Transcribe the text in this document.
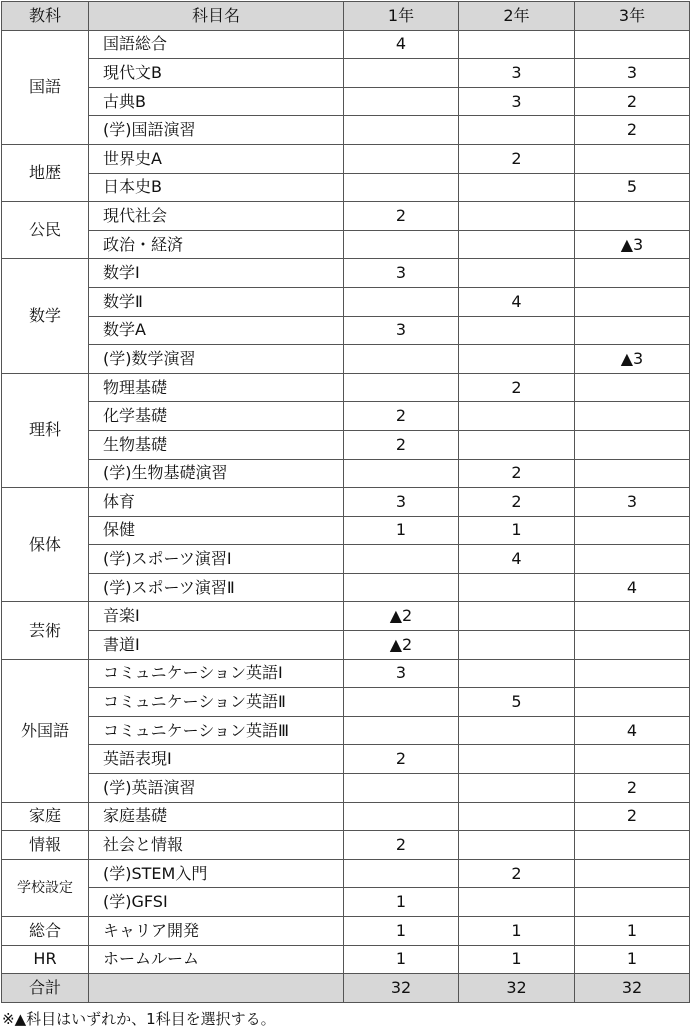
教科	科目名	1年	2年	3年
国語	国語総合	4		
	現代文B		3	3
	古典B		3	2
	(学)国語演習			2
地歴	世界史A		2	
	日本史B			5
公民	現代社会	2		
	政治・経済			▲3
数学	数学Ⅰ	3		
	数学Ⅱ		4	
	数学A	3		
	(学)数学演習			▲3
理科	物理基礎		2	
	化学基礎	2		
	生物基礎	2		
	(学)生物基礎演習		2	
保体	体育	3	2	3
	保健	1	1	
	(学)スポーツ演習Ⅰ		4	
	(学)スポーツ演習Ⅱ			4
芸術	音楽Ⅰ	▲2		
	書道Ⅰ	▲2		
外国語	コミュニケーション英語Ⅰ	3		
	コミュニケーション英語Ⅱ		5	
	コミュニケーション英語Ⅲ			4
	英語表現Ⅰ	2		
	(学)英語演習			2
家庭	家庭基礎			2
情報	社会と情報	2		
学校設定	(学)STEM入門		2	
	(学)GFSI	1		
総合	キャリア開発	1	1	1
HR	ホームルーム	1	1	1
合計		32	32	32
※▲科目はいずれか、1科目を選択する。
